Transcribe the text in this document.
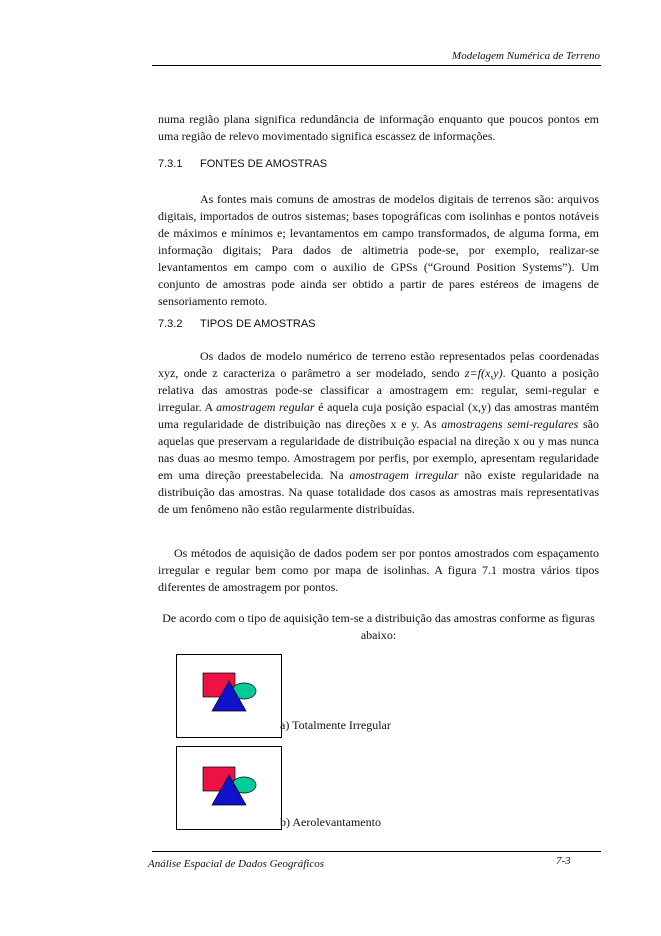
Modelagem Numérica de Terreno
numa região plana significa redundância de informação enquanto que poucos pontos em uma região de relevo movimentado significa escassez de informações.
7.3.1 FONTES DE AMOSTRAS
As fontes mais comuns de amostras de modelos digitais de terrenos são: arquivos digitais, importados de outros sistemas; bases topográficas com isolinhas e pontos notáveis de máximos e mínimos e; levantamentos em campo transformados, de alguma forma, em informação digitais; Para dados de altimetria pode-se, por exemplo, realizar-se levantamentos em campo com o auxilio de GPSs (“Ground Position Systems”). Um conjunto de amostras pode ainda ser obtido a partir de pares estéreos de imagens de sensoriamento remoto.
7.3.2 TIPOS DE AMOSTRAS
Os dados de modelo numérico de terreno estão representados pelas coordenadas xyz, onde z caracteriza o parâmetro a ser modelado, sendo z=f(x,y). Quanto a posição relativa das amostras pode-se classificar a amostragem em: regular, semi-regular e irregular. A amostragem regular é aquela cuja posição espacial (x,y) das amostras mantém uma regularidade de distribuição nas direções x e y. As amostragens semi-regulares são aquelas que preservam a regularidade de distribuição espacial na direção x ou y mas nunca nas duas ao mesmo tempo. Amostragem por perfis, por exemplo, apresentam regularidade em uma direção preestabelecida. Na amostragem irregular não existe regularidade na distribuição das amostras. Na quase totalidade dos casos as amostras mais representativas de um fenômeno não estão regularmente distribuídas.
Os métodos de aquisição de dados podem ser por pontos amostrados com espaçamento irregular e regular bem como por mapa de isolinhas. A figura 7.1 mostra vários tipos diferentes de amostragem por pontos.
De acordo com o tipo de aquisição tem-se a distribuição das amostras conforme as figuras abaixo:
a) Totalmente Irregular
b) Aerolevantamento
Análise Espacial de Dados Geográficos	7-3
